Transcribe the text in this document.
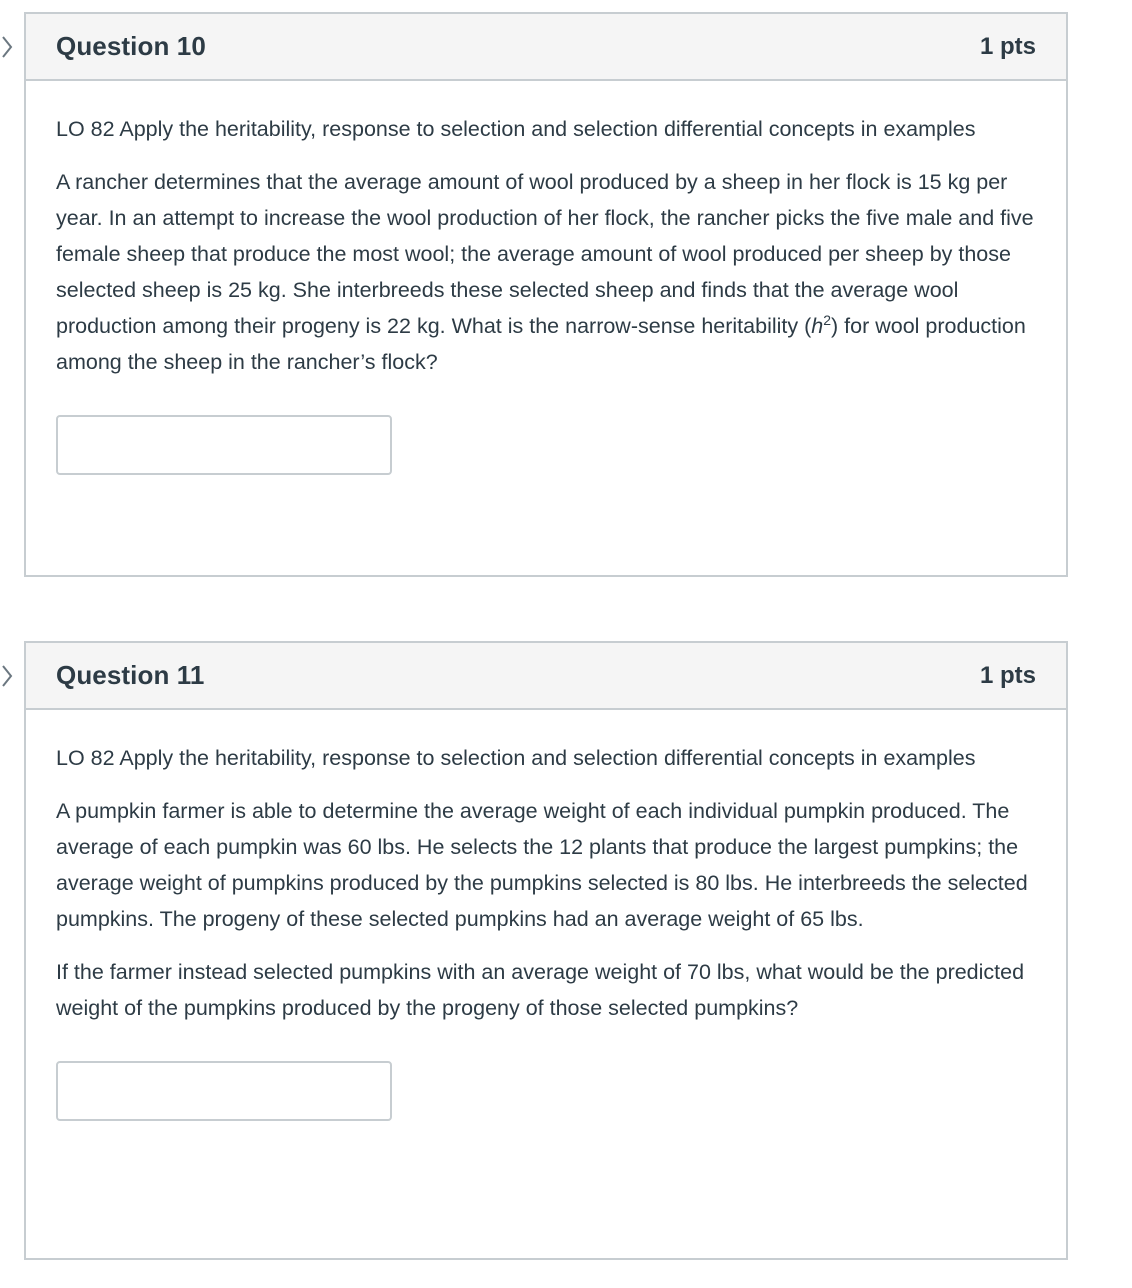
Question 10	1 pts

LO 82 Apply the heritability, response to selection and selection differential concepts in examples

A rancher determines that the average amount of wool produced by a sheep in her flock is 15 kg per year. In an attempt to increase the wool production of her flock, the rancher picks the five male and five female sheep that produce the most wool; the average amount of wool produced per sheep by those selected sheep is 25 kg. She interbreeds these selected sheep and finds that the average wool production among their progeny is 22 kg. What is the narrow-sense heritability $(h^2)$ for wool production among the sheep in the rancher’s flock?

Question 11	1 pts

LO 82 Apply the heritability, response to selection and selection differential concepts in examples

A pumpkin farmer is able to determine the average weight of each individual pumpkin produced. The average of each pumpkin was 60 lbs. He selects the 12 plants that produce the largest pumpkins; the average weight of pumpkins produced by the pumpkins selected is 80 lbs. He interbreeds the selected pumpkins. The progeny of these selected pumpkins had an average weight of 65 lbs.

If the farmer instead selected pumpkins with an average weight of 70 lbs, what would be the predicted weight of the pumpkins produced by the progeny of those selected pumpkins?
